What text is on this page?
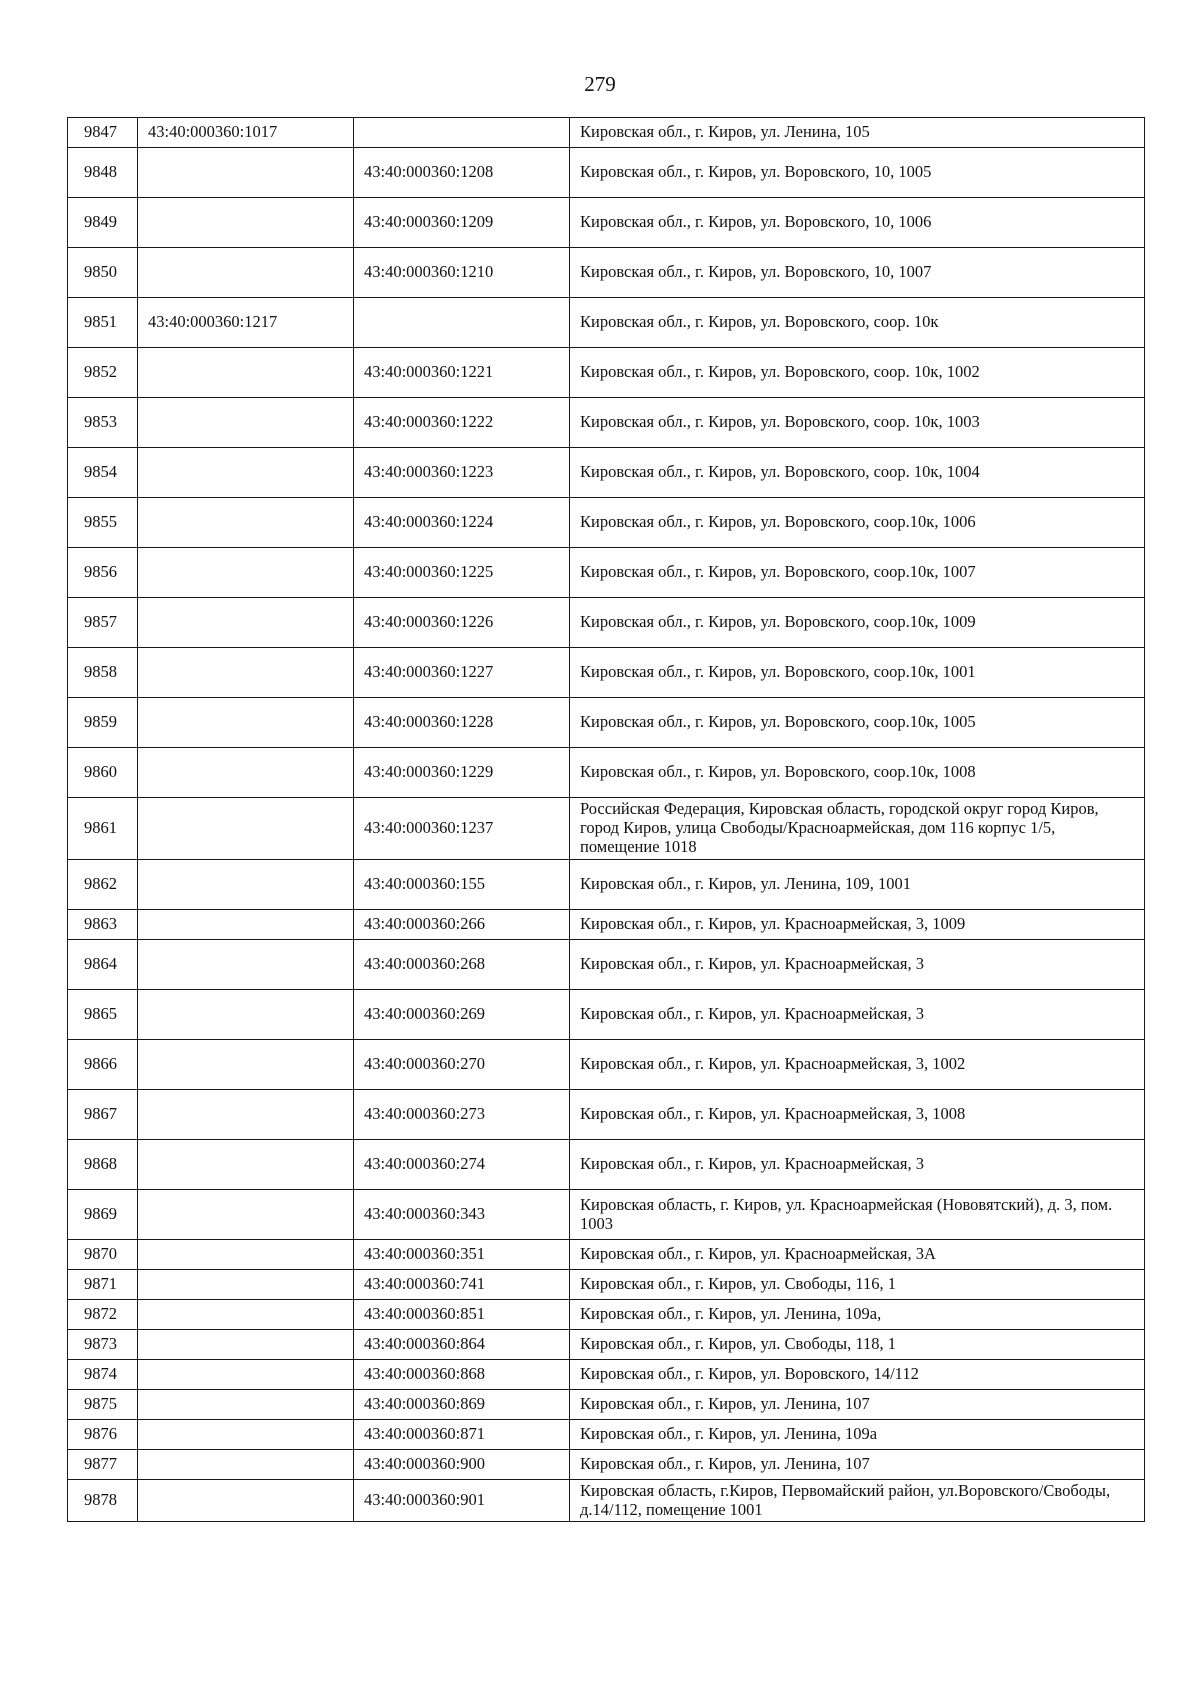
279
9847	43:40:000360:1017		Кировская обл., г. Киров, ул. Ленина, 105
9848		43:40:000360:1208	Кировская обл., г. Киров, ул. Воровского, 10, 1005
9849		43:40:000360:1209	Кировская обл., г. Киров, ул. Воровского, 10, 1006
9850		43:40:000360:1210	Кировская обл., г. Киров, ул. Воровского, 10, 1007
9851	43:40:000360:1217		Кировская обл., г. Киров, ул. Воровского, соор. 10к
9852		43:40:000360:1221	Кировская обл., г. Киров, ул. Воровского, соор. 10к, 1002
9853		43:40:000360:1222	Кировская обл., г. Киров, ул. Воровского, соор. 10к, 1003
9854		43:40:000360:1223	Кировская обл., г. Киров, ул. Воровского, соор. 10к, 1004
9855		43:40:000360:1224	Кировская обл., г. Киров, ул. Воровского, соор.10к, 1006
9856		43:40:000360:1225	Кировская обл., г. Киров, ул. Воровского, соор.10к, 1007
9857		43:40:000360:1226	Кировская обл., г. Киров, ул. Воровского, соор.10к, 1009
9858		43:40:000360:1227	Кировская обл., г. Киров, ул. Воровского, соор.10к, 1001
9859		43:40:000360:1228	Кировская обл., г. Киров, ул. Воровского, соор.10к, 1005
9860		43:40:000360:1229	Кировская обл., г. Киров, ул. Воровского, соор.10к, 1008
9861		43:40:000360:1237	Российская Федерация, Кировская область, городской округ город Киров, город Киров, улица Свободы/Красноармейская, дом 116 корпус 1/5, помещение 1018
9862		43:40:000360:155	Кировская обл., г. Киров, ул. Ленина, 109, 1001
9863		43:40:000360:266	Кировская обл., г. Киров, ул. Красноармейская, 3, 1009
9864		43:40:000360:268	Кировская обл., г. Киров, ул. Красноармейская, 3
9865		43:40:000360:269	Кировская обл., г. Киров, ул. Красноармейская, 3
9866		43:40:000360:270	Кировская обл., г. Киров, ул. Красноармейская, 3, 1002
9867		43:40:000360:273	Кировская обл., г. Киров, ул. Красноармейская, 3, 1008
9868		43:40:000360:274	Кировская обл., г. Киров, ул. Красноармейская, 3
9869		43:40:000360:343	Кировская область, г. Киров, ул. Красноармейская (Нововятский), д. 3, пом. 1003
9870		43:40:000360:351	Кировская обл., г. Киров, ул. Красноармейская, 3А
9871		43:40:000360:741	Кировская обл., г. Киров, ул. Свободы, 116, 1
9872		43:40:000360:851	Кировская обл., г. Киров, ул. Ленина, 109а,
9873		43:40:000360:864	Кировская обл., г. Киров, ул. Свободы, 118, 1
9874		43:40:000360:868	Кировская обл., г. Киров, ул. Воровского, 14/112
9875		43:40:000360:869	Кировская обл., г. Киров, ул. Ленина, 107
9876		43:40:000360:871	Кировская обл., г. Киров, ул. Ленина, 109а
9877		43:40:000360:900	Кировская обл., г. Киров, ул. Ленина, 107
9878		43:40:000360:901	Кировская область, г.Киров, Первомайский район, ул.Воровского/Свободы, д.14/112, помещение 1001
